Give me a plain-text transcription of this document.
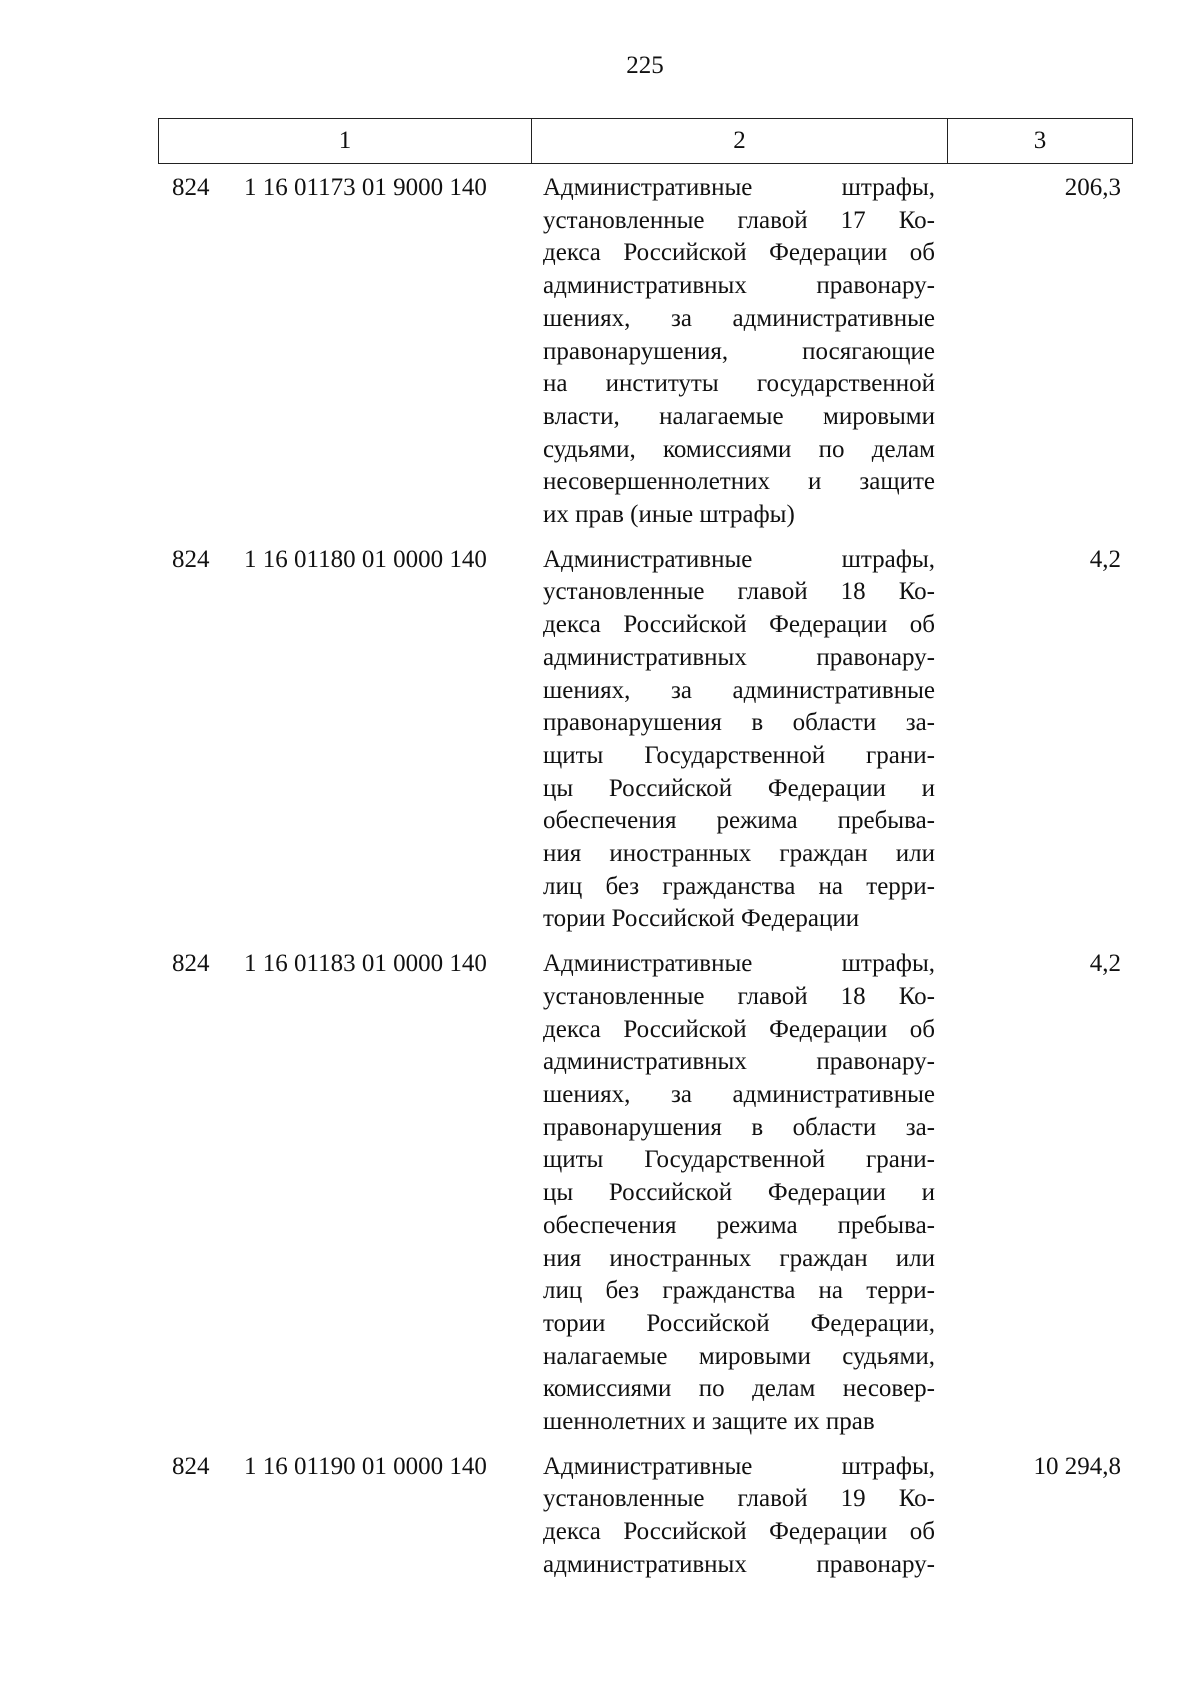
225
1	2	3
824 1 16 01173 01 9000 140 Административные штрафы,
установленные главой 17 Ко-
декса Российской Федерации об
административных правонару-
шениях, за административные
правонарушения, посягающие
на институты государственной
власти, налагаемые мировыми
судьями, комиссиями по делам
несовершеннолетних и защите
их прав (иные штрафы)
206,3
824 1 16 01180 01 0000 140 Административные штрафы,
установленные главой 18 Ко-
декса Российской Федерации об
административных правонару-
шениях, за административные
правонарушения в области за-
щиты Государственной грани-
цы Российской Федерации и
обеспечения режима пребыва-
ния иностранных граждан или
лиц без гражданства на терри-
тории Российской Федерации
4,2
824 1 16 01183 01 0000 140 Административные штрафы,
установленные главой 18 Ко-
декса Российской Федерации об
административных правонару-
шениях, за административные
правонарушения в области за-
щиты Государственной грани-
цы Российской Федерации и
обеспечения режима пребыва-
ния иностранных граждан или
лиц без гражданства на терри-
тории Российской Федерации,
налагаемые мировыми судьями,
комиссиями по делам несовер-
шеннолетних и защите их прав
4,2
824 1 16 01190 01 0000 140 Административные штрафы,
установленные главой 19 Ко-
декса Российской Федерации об
административных правонару-
10 294,8
